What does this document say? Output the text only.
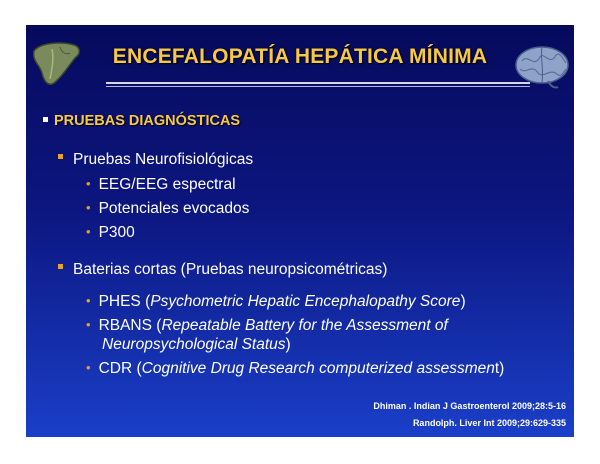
ENCEFALOPATÍA HEPÁTICA MÍNIMA
PRUEBAS DIAGNÓSTICAS
Pruebas Neurofisiológicas
• EEG/EEG espectral
• Potenciales evocados
• P300
Baterias cortas (Pruebas neuropsicométricas)
• PHES (Psychometric Hepatic Encephalopathy Score)
• RBANS (Repeatable Battery for the Assessment of
Neuropsychological Status)
• CDR (Cognitive Drug Research computerized assessment)
Dhiman . Indian J Gastroenterol 2009;28:5-16
Randolph. Liver Int 2009;29:629-335
